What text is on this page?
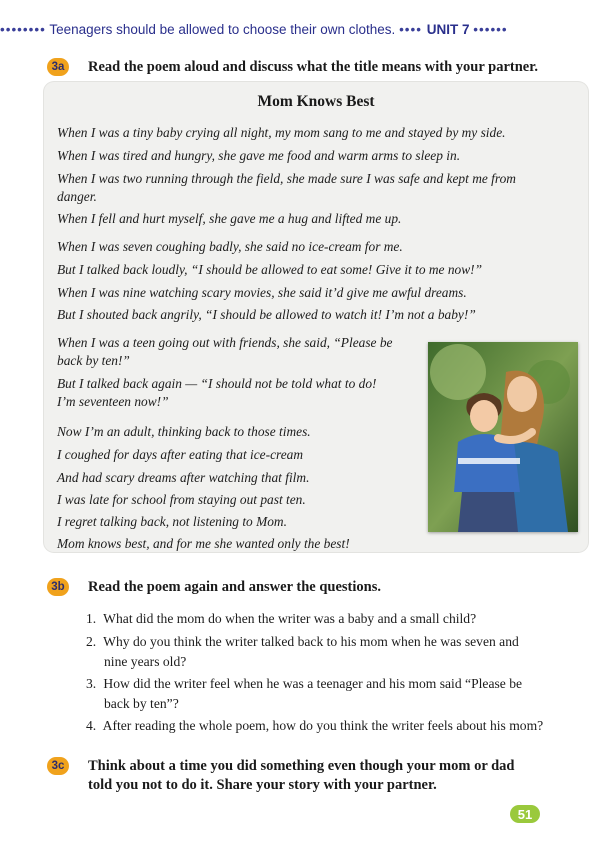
•••••••• Teenagers should be allowed to choose their own clothes. •••• UNIT 7 ••••••
3a	Read the poem aloud and discuss what the title means with your partner.
Mom Knows Best
When I was a tiny baby crying all night, my mom sang to me and stayed by my side.
When I was tired and hungry, she gave me food and warm arms to sleep in.
When I was two running through the field, she made sure I was safe and kept me from
danger.
When I fell and hurt myself, she gave me a hug and lifted me up.
When I was seven coughing badly, she said no ice-cream for me.
But I talked back loudly, “I should be allowed to eat some! Give it to me now!”
When I was nine watching scary movies, she said it’d give me awful dreams.
But I shouted back angrily, “I should be allowed to watch it! I’m not a baby!”
When I was a teen going out with friends, she said, “Please be
back by ten!”
But I talked back again — “I should not be told what to do!
I’m seventeen now!”
Now I’m an adult, thinking back to those times.
I coughed for days after eating that ice-cream
And had scary dreams after watching that film.
I was late for school from staying out past ten.
I regret talking back, not listening to Mom.
Mom knows best, and for me she wanted only the best!
3b Read the poem again and answer the questions.
1. What did the mom do when the writer was a baby and a small child?
2. Why do you think the writer talked back to his mom when he was seven and
nine years old?
3. How did the writer feel when he was a teenager and his mom said “Please be
back by ten”?
4. After reading the whole poem, how do you think the writer feels about his mom?
3c	Think about a time you did something even though your mom or dad
told you not to do it. Share your story with your partner.
51
